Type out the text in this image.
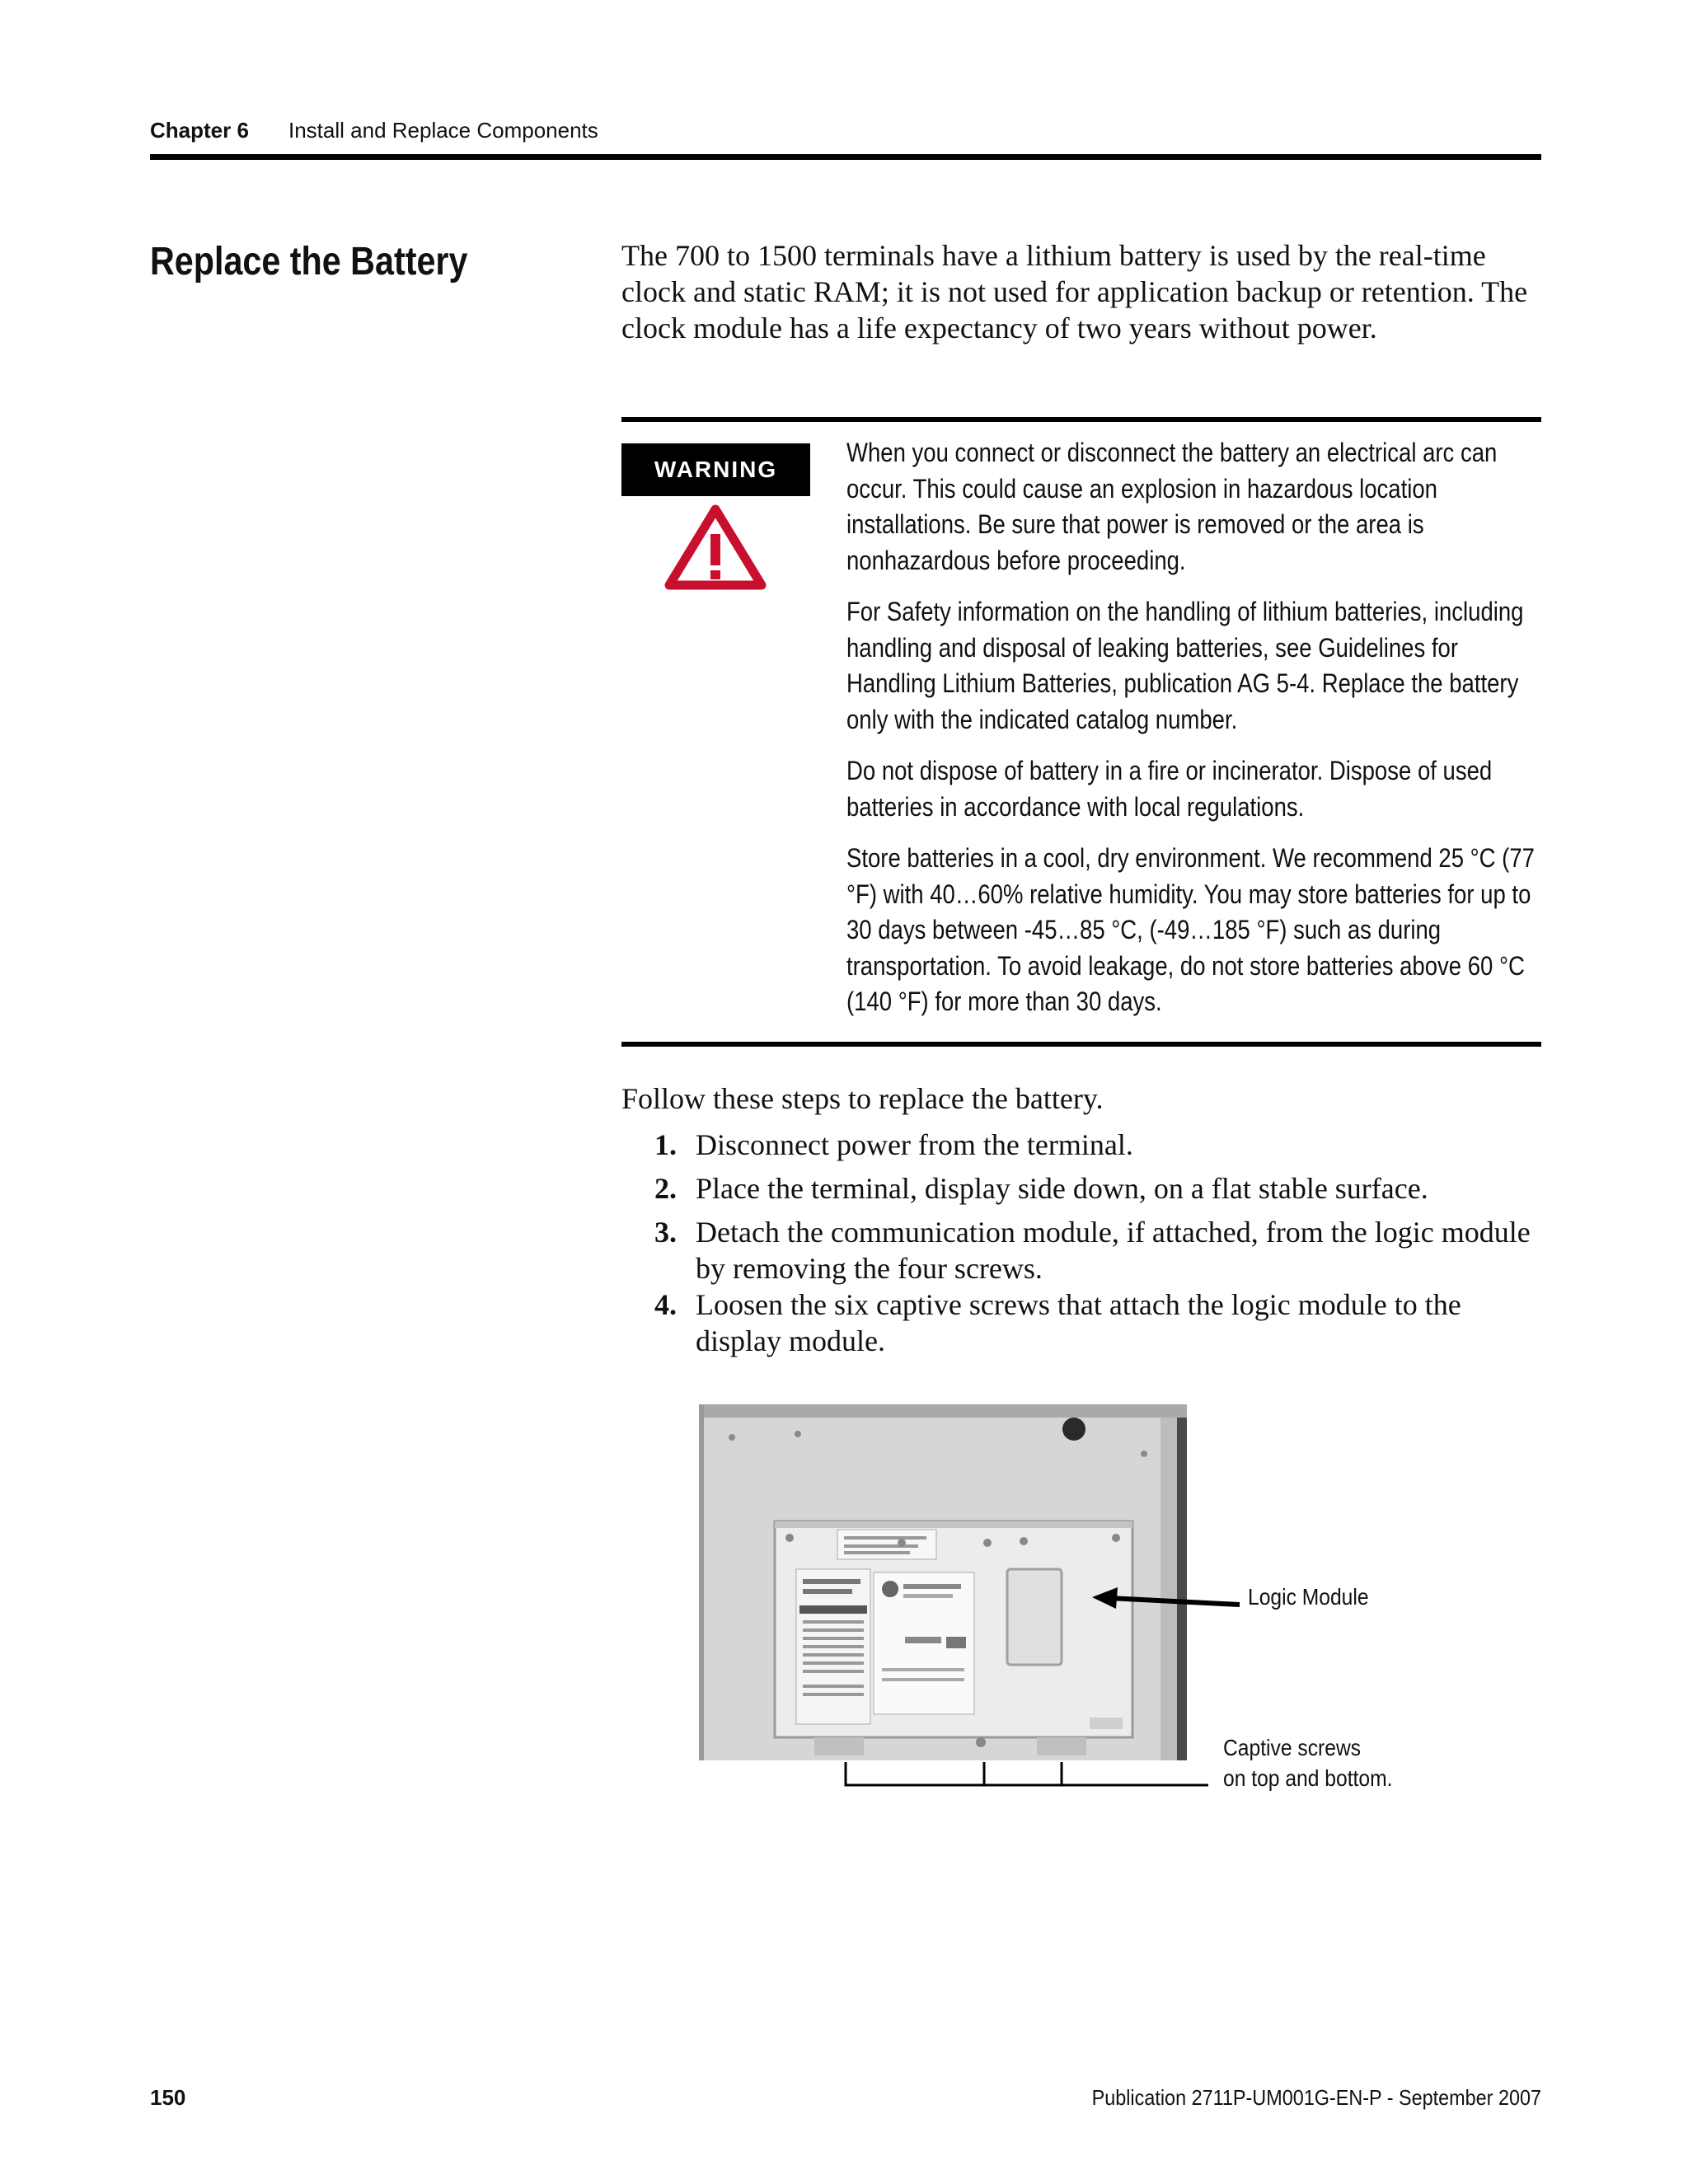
Chapter 6 Install and Replace Components
Replace the Battery	The 700 to 1500 terminals have a lithium battery is used by the real-time clock and static RAM; it is not used for application backup or retention. The clock module has a life expectancy of two years without power.

WARNING

When you connect or disconnect the battery an electrical arc can occur. This could cause an explosion in hazardous location installations. Be sure that power is removed or the area is nonhazardous before proceeding.

For Safety information on the handling of lithium batteries, including handling and disposal of leaking batteries, see Guidelines for Handling Lithium Batteries, publication AG 5-4. Replace the battery only with the indicated catalog number.

Do not dispose of battery in a fire or incinerator. Dispose of used batteries in accordance with local regulations.

Store batteries in a cool, dry environment. We recommend 25 °C (77 °F) with 40…60% relative humidity. You may store batteries for up to 30 days between -45…85 °C, (-49…185 °F) such as during transportation. To avoid leakage, do not store batteries above 60 °C (140 °F) for more than 30 days.

Follow these steps to replace the battery.
1. Disconnect power from the terminal.
2. Place the terminal, display side down, on a flat stable surface.
3. Detach the communication module, if attached, from the logic module by removing the four screws.
4. Loosen the six captive screws that attach the logic module to the display module.
Logic Module
Captive screws
on top and bottom.
150	Publication 2711P-UM001G-EN-P - September 2007
